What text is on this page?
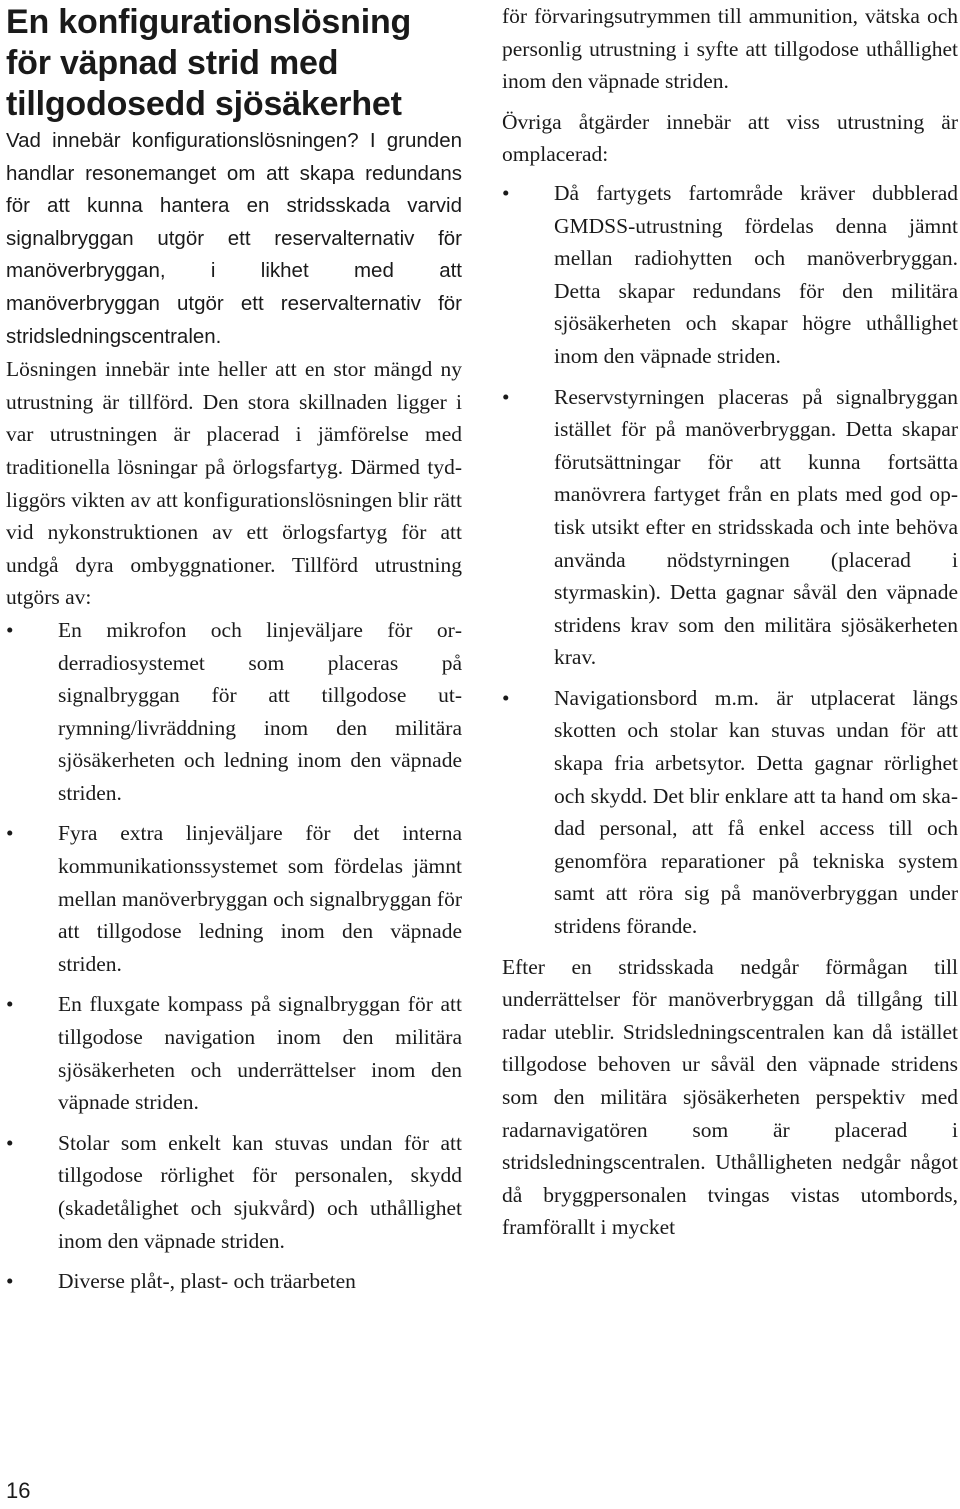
En konfigurationslösning för väpnad strid med tillgodosedd sjösäkerhet

Vad innebär konfigurationslösningen? I grunden handlar resonemanget om att skapa redundans för att kunna hantera en stridsskada varvid signalbryggan utgör ett reservalternativ för manöverbryggan, i likhet med att manöverbryggan utgör ett reservalternativ för stridsledningscentralen.

Lösningen innebär inte heller att en stor mängd ny utrustning är tillförd. Den stora skillnaden ligger i var utrustningen är placerad i jämförelse med traditionella lösningar på örlogsfartyg. Därmed tydliggörs vikten av att konfigurationslösningen blir rätt vid nykonstruktionen av ett örlogsfartyg för att undgå dyra ombyggnationer. Tillförd utrustning utgörs av:

•	En mikrofon och linjeväljare för orderradiosystemet som placeras på signalbryggan för att tillgodose utrymning/livräddning inom den militära sjösäkerheten och ledning inom den väpnade striden.
•	Fyra extra linjeväljare för det interna kommunikationssystemet som fördelas jämnt mellan manöverbryggan och signalbryggan för att tillgodose ledning inom den väpnade striden.
•	En fluxgate kompass på signalbryggan för att tillgodose navigation inom den militära sjösäkerheten och underrättelser inom den väpnade striden.
•	Stolar som enkelt kan stuvas undan för att tillgodose rörlighet för personalen, skydd (skadetålighet och sjukvård) och uthållighet inom den väpnade striden.
•	Diverse plåt-, plast- och träarbeten

för förvaringsutrymmen till ammunition, vätska och personlig utrustning i syfte att tillgodose uthållighet inom den väpnade striden.

Övriga åtgärder innebär att viss utrustning är omplacerad:

•	Då fartygets fartområde kräver dubblerad GMDSS-utrustning fördelas denna jämnt mellan radiohytten och manöverbryggan. Detta skapar redundans för den militära sjösäkerheten och skapar högre uthållighet inom den väpnade striden.
•	Reservstyrningen placeras på signalbryggan istället för på manöverbryggan. Detta skapar förutsättningar för att kunna fortsätta manövrera fartyget från en plats med god optisk utsikt efter en stridsskada och inte behöva använda nödstyrningen (placerad i styrmaskin). Detta gagnar såväl den väpnade stridens krav som den militära sjösäkerheten krav.
•	Navigationsbord m.m. är utplacerat längs skotten och stolar kan stuvas undan för att skapa fria arbetsytor. Detta gagnar rörlighet och skydd. Det blir enklare att ta hand om skadad personal, att få enkel access till och genomföra reparationer på tekniska system samt att röra sig på manöverbryggan under stridens förande.

Efter en stridsskada nedgår förmågan till underrättelser för manöverbryggan då tillgång till radar uteblir. Stridsledningscentralen kan då istället tillgodose behoven ur såväl den väpnade stridens som den militära sjösäkerheten perspektiv med radarnavigatören som är placerad i stridsledningscentralen. Uthålligheten nedgår något då bryggpersonalen tvingas vistas utombords, framförallt i mycket

16
